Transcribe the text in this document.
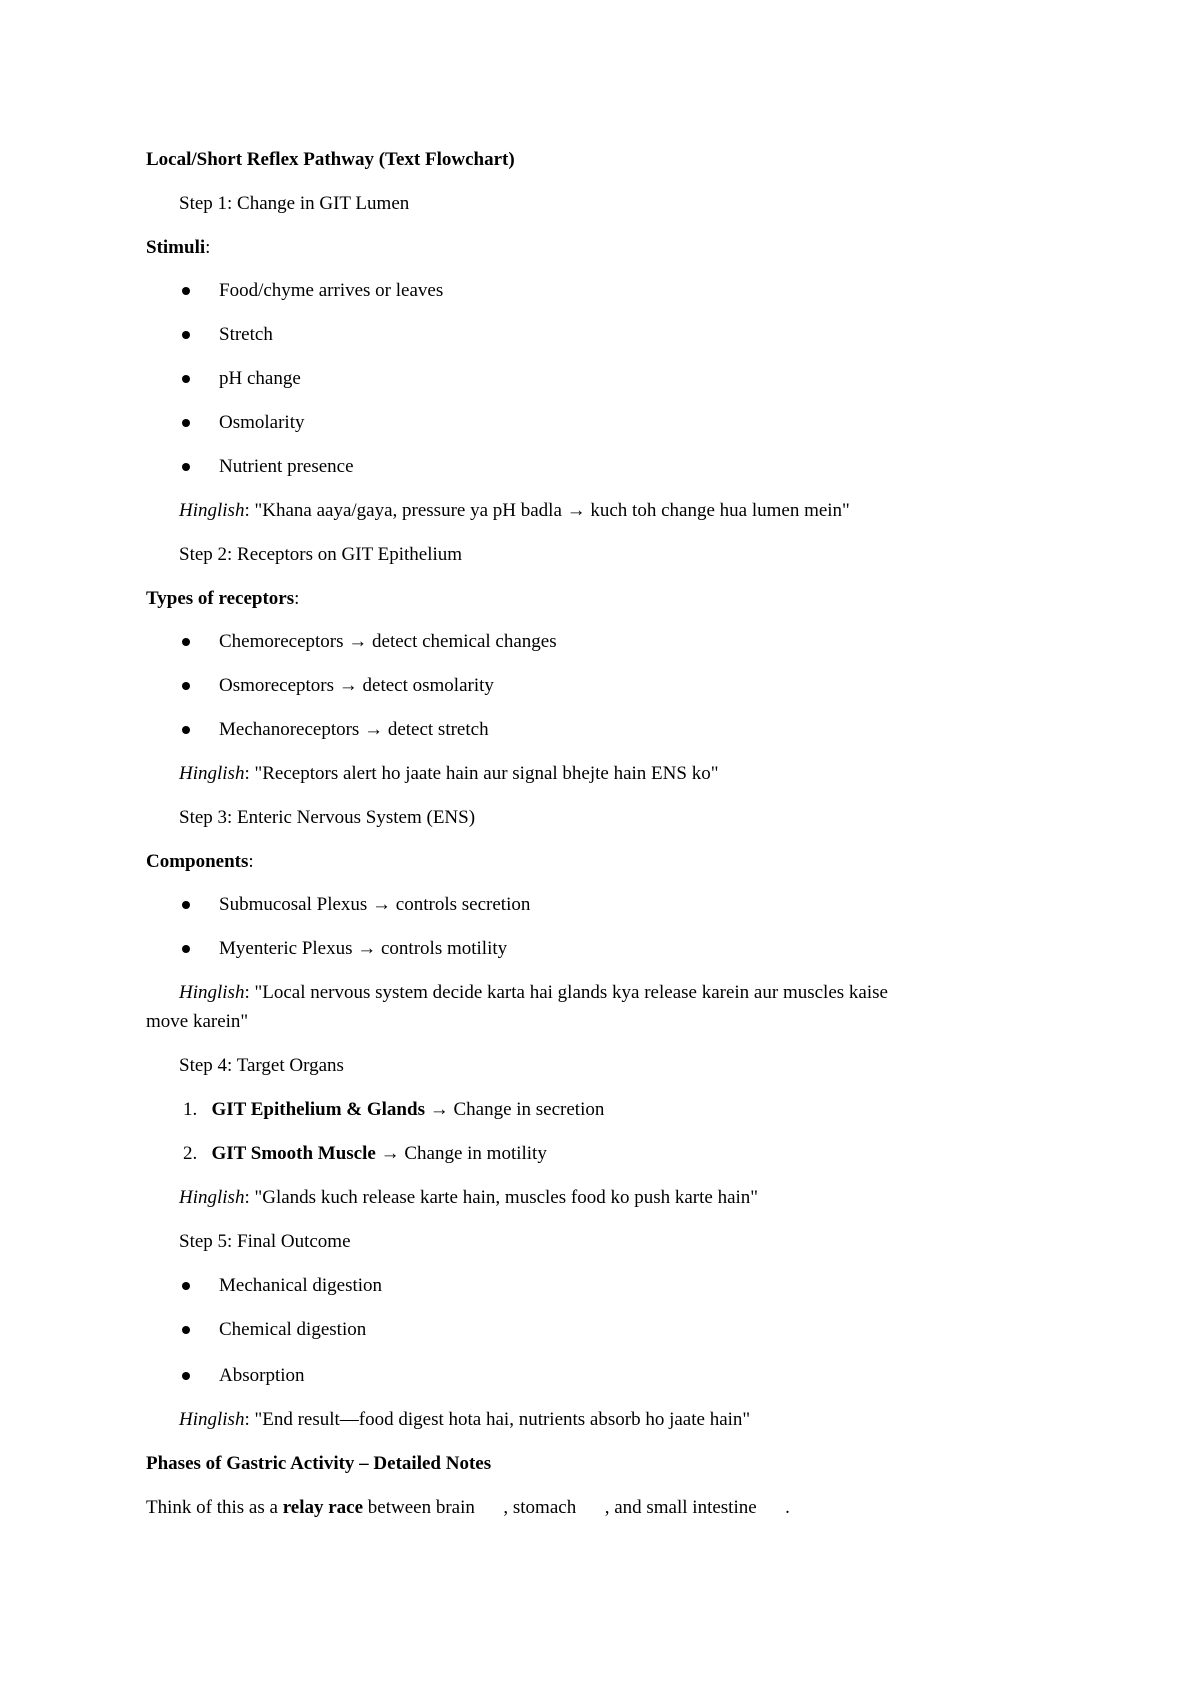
Local/Short Reflex Pathway (Text Flowchart)
Step 1: Change in GIT Lumen
Stimuli:
Food/chyme arrives or leaves
Stretch
pH change
Osmolarity
Nutrient presence
Hinglish: "Khana aaya/gaya, pressure ya pH badla → kuch toh change hua lumen mein"
Step 2: Receptors on GIT Epithelium
Types of receptors:
Chemoreceptors → detect chemical changes
Osmoreceptors → detect osmolarity
Mechanoreceptors → detect stretch
Hinglish: "Receptors alert ho jaate hain aur signal bhejte hain ENS ko"
Step 3: Enteric Nervous System (ENS)
Components:
Submucosal Plexus → controls secretion
Myenteric Plexus → controls motility
Hinglish: "Local nervous system decide karta hai glands kya release karein aur muscles kaise
move karein"
Step 4: Target Organs
1. GIT Epithelium & Glands → Change in secretion
2. GIT Smooth Muscle → Change in motility
Hinglish: "Glands kuch release karte hain, muscles food ko push karte hain"
Step 5: Final Outcome
Mechanical digestion
Chemical digestion
Absorption
Hinglish: "End result—food digest hota hai, nutrients absorb ho jaate hain"
Phases of Gastric Activity – Detailed Notes
Think of this as a relay race between brain      , stomach      , and small intestine      .
